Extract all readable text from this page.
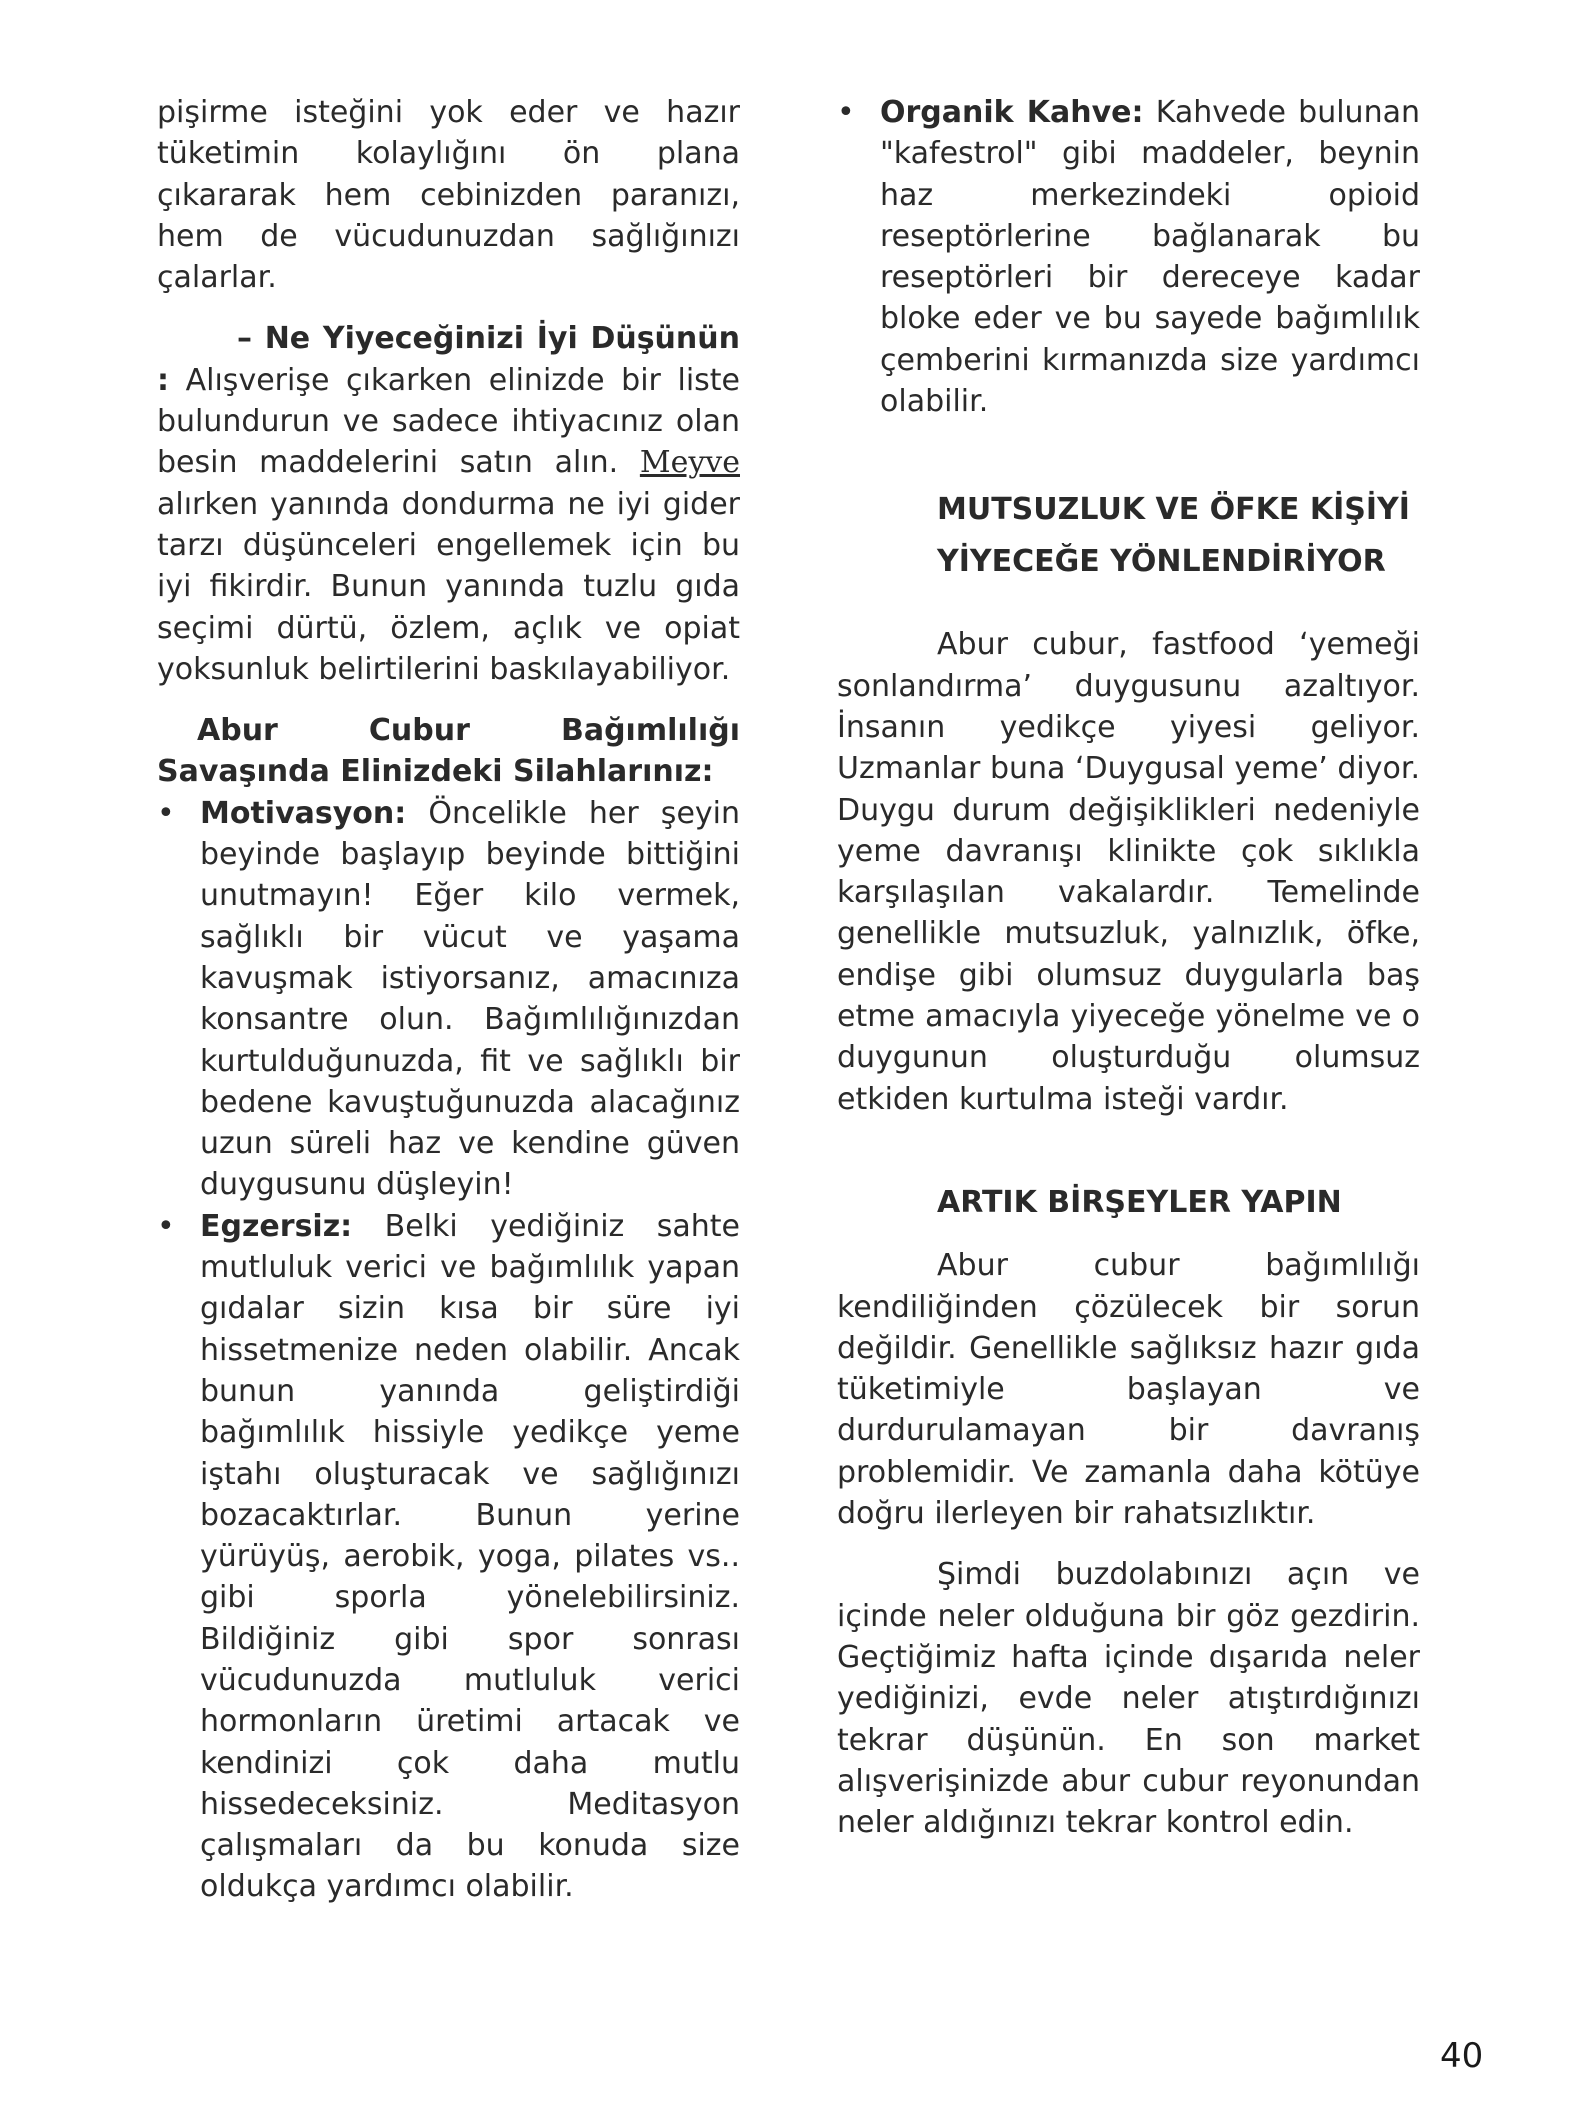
pişirme isteğini yok eder ve hazır tüketimin kolaylığını ön plana çıkararak hem cebinizden paranızı, hem de vücudunuzdan sağlığınızı çalarlar.

– Ne Yiyeceğinizi İyi Düşünün : Alışverişe çıkarken elinizde bir liste bulundurun ve sadece ihtiyacınız olan besin maddelerini satın alın. Meyve alırken yanında dondurma ne iyi gider tarzı düşünceleri engellemek için bu iyi fikirdir. Bunun yanında tuzlu gıda seçimi dürtü, özlem, açlık ve opiat yoksunluk belirtilerini baskılayabiliyor.

Abur Cubur Bağımlılığı Savaşında Elinizdeki Silahlarınız:

• Motivasyon: Öncelikle her şeyin beyinde başlayıp beyinde bittiğini unutmayın! Eğer kilo vermek, sağlıklı bir vücut ve yaşama kavuşmak istiyorsanız, amacınıza konsantre olun. Bağımlılığınızdan kurtulduğunuzda, fit ve sağlıklı bir bedene kavuştuğunuzda alacağınız uzun süreli haz ve kendine güven duygusunu düşleyin!

• Egzersiz: Belki yediğiniz sahte mutluluk verici ve bağımlılık yapan gıdalar sizin kısa bir süre iyi hissetmenize neden olabilir. Ancak bunun yanında geliştirdiği bağımlılık hissiyle yedikçe yeme iştahı oluşturacak ve sağlığınızı bozacaktırlar. Bunun yerine yürüyüş, aerobik, yoga, pilates vs.. gibi sporla yönelebilirsiniz. Bildiğiniz gibi spor sonrası vücudunuzda mutluluk verici hormonların üretimi artacak ve kendinizi çok daha mutlu hissedeceksiniz. Meditasyon çalışmaları da bu konuda size oldukça yardımcı olabilir.

• Organik Kahve: Kahvede bulunan "kafestrol" gibi maddeler, beynin haz merkezindeki opioid reseptörlerine bağlanarak bu reseptörleri bir dereceye kadar bloke eder ve bu sayede bağımlılık çemberini kırmanızda size yardımcı olabilir.

MUTSUZLUK VE ÖFKE KİŞİYİ
YİYECEĞE YÖNLENDİRİYOR

Abur cubur, fastfood ‘yemeği sonlandırma’ duygusunu azaltıyor. İnsanın yedikçe yiyesi geliyor. Uzmanlar buna ‘Duygusal yeme’ diyor. Duygu durum değişiklikleri nedeniyle yeme davranışı klinikte çok sıklıkla karşılaşılan vakalardır. Temelinde genellikle mutsuzluk, yalnızlık, öfke, endişe gibi olumsuz duygularla baş etme amacıyla yiyeceğe yönelme ve o duygunun oluşturduğu olumsuz etkiden kurtulma isteği vardır.

ARTIK BİRŞEYLER YAPIN

Abur cubur bağımlılığı kendiliğinden çözülecek bir sorun değildir. Genellikle sağlıksız hazır gıda tüketimiyle başlayan ve durdurulamayan bir davranış problemidir. Ve zamanla daha kötüye doğru ilerleyen bir rahatsızlıktır.

Şimdi buzdolabınızı açın ve içinde neler olduğuna bir göz gezdirin. Geçtiğimiz hafta içinde dışarıda neler yediğinizi, evde neler atıştırdığınızı tekrar düşünün. En son market alışverişinizde abur cubur reyonundan neler aldığınızı tekrar kontrol edin.

40
